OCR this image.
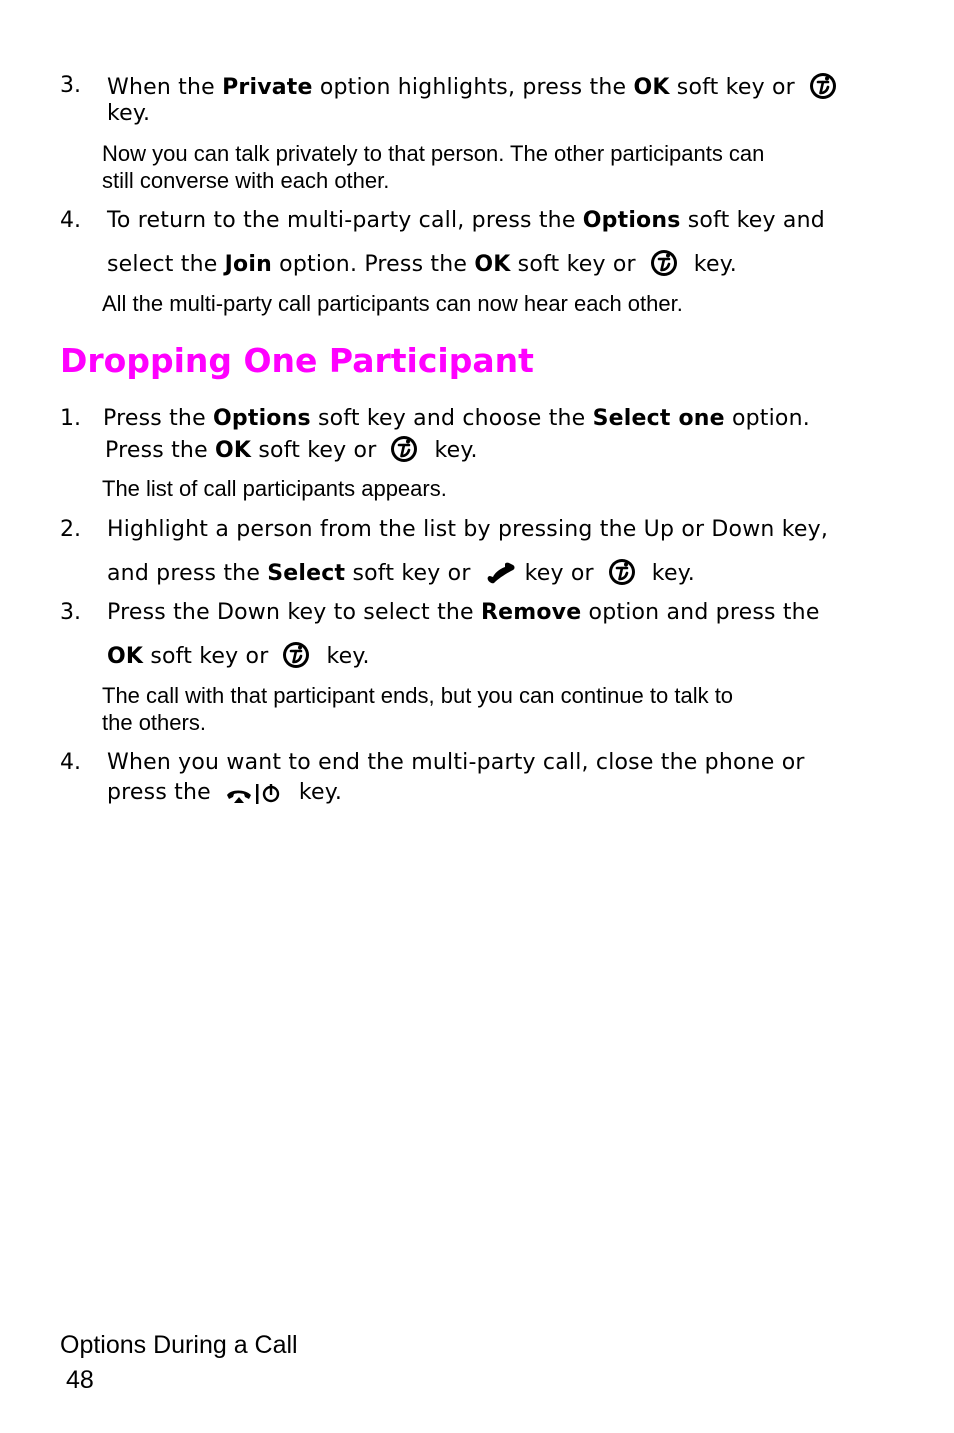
3. When the Private option highlights, press the OK soft key or
key.
Now you can talk privately to that person. The other participants can
still converse with each other.
4. To return to the multi-party call, press the Options soft key and
select the Join option. Press the OK soft key or	key.
All the multi-party call participants can now hear each other.
Dropping One Participant
1. Press the Options soft key and choose the Select one option.
Press the OK soft key or	key.
The list of call participants appears.
2. Highlight a person from the list by pressing the Up or Down key,
and press the Select soft key or key or	key.
3. Press the Down key to select the Remove option and press the
OK soft key or	key.
The call with that participant ends, but you can continue to talk to
the others.
4. When you want to end the multi-party call, close the phone or
press the	key.
Options During a Call
48
